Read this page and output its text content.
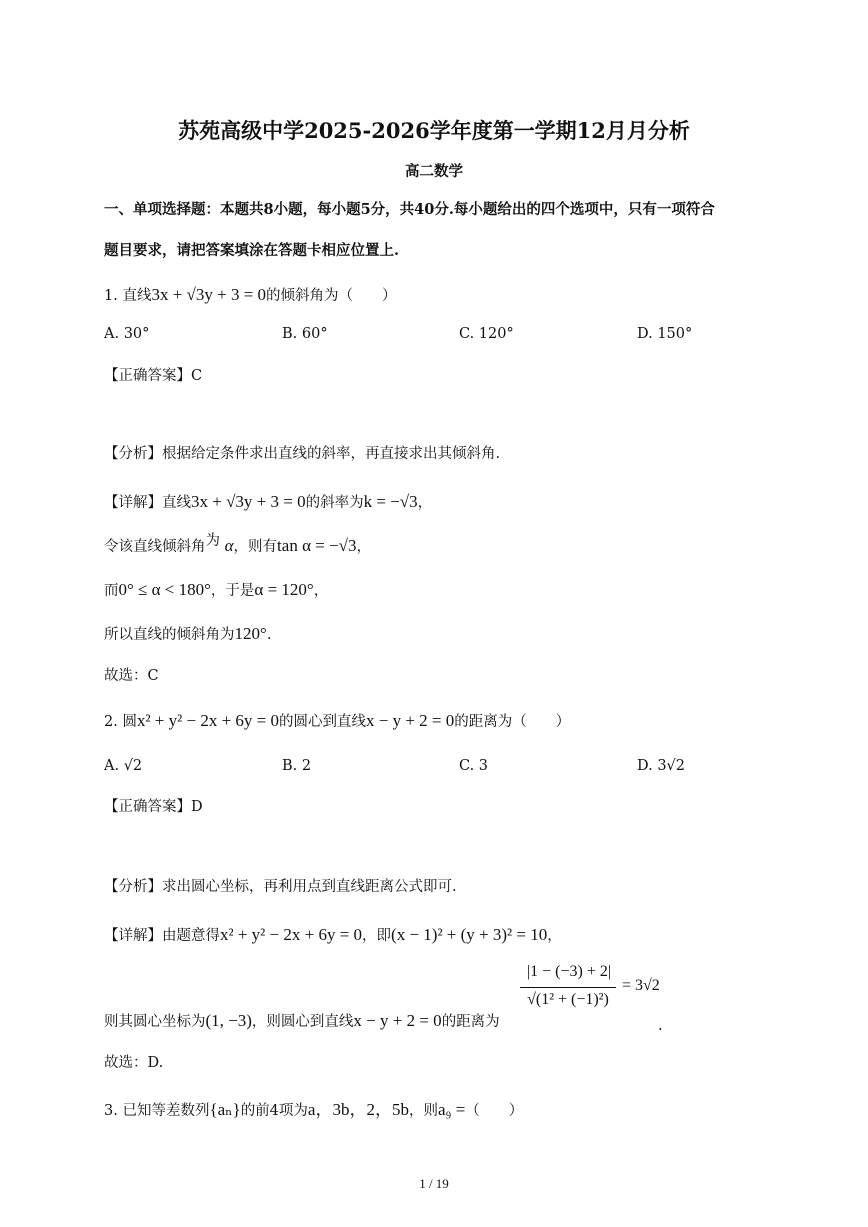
苏苑高级中学2025-2026学年度第一学期12月月分析
高二数学
一、单项选择题：本题共8小题，每小题5分，共40分.每小题给出的四个选项中，只有一项符合
题目要求，请把答案填涂在答题卡相应位置上.
1. 直线3x + √3y + 3 = 0的倾斜角为（　　）
A. 30°	B. 60°	C. 120°	D. 150°
【正确答案】C
【分析】根据给定条件求出直线的斜率，再直接求出其倾斜角.
【详解】直线3x + √3y + 3 = 0的斜率为k = −√3，
令该直线倾斜角为 α，则有tan α = −√3，
而0° ≤ α < 180°，于是α = 120°，
所以直线的倾斜角为120°.
故选：C
2. 圆x² + y² − 2x + 6y = 0的圆心到直线x − y + 2 = 0的距离为（　　）
A. √2	B. 2	C. 3	D. 3√2
【正确答案】D
【分析】求出圆心坐标，再利用点到直线距离公式即可.
【详解】由题意得x² + y² − 2x + 6y = 0，即(x − 1)² + (y + 3)² = 10，
|1 − (−3) + 2|
√(1² + (−1)²)
= 3√2
则其圆心坐标为(1, −3)，则圆心到直线x − y + 2 = 0的距离为	.
故选：D.
3. 已知等差数列{aₙ}的前4项为a，3b，2，5b，则a₉ =（　　）
1 / 19
